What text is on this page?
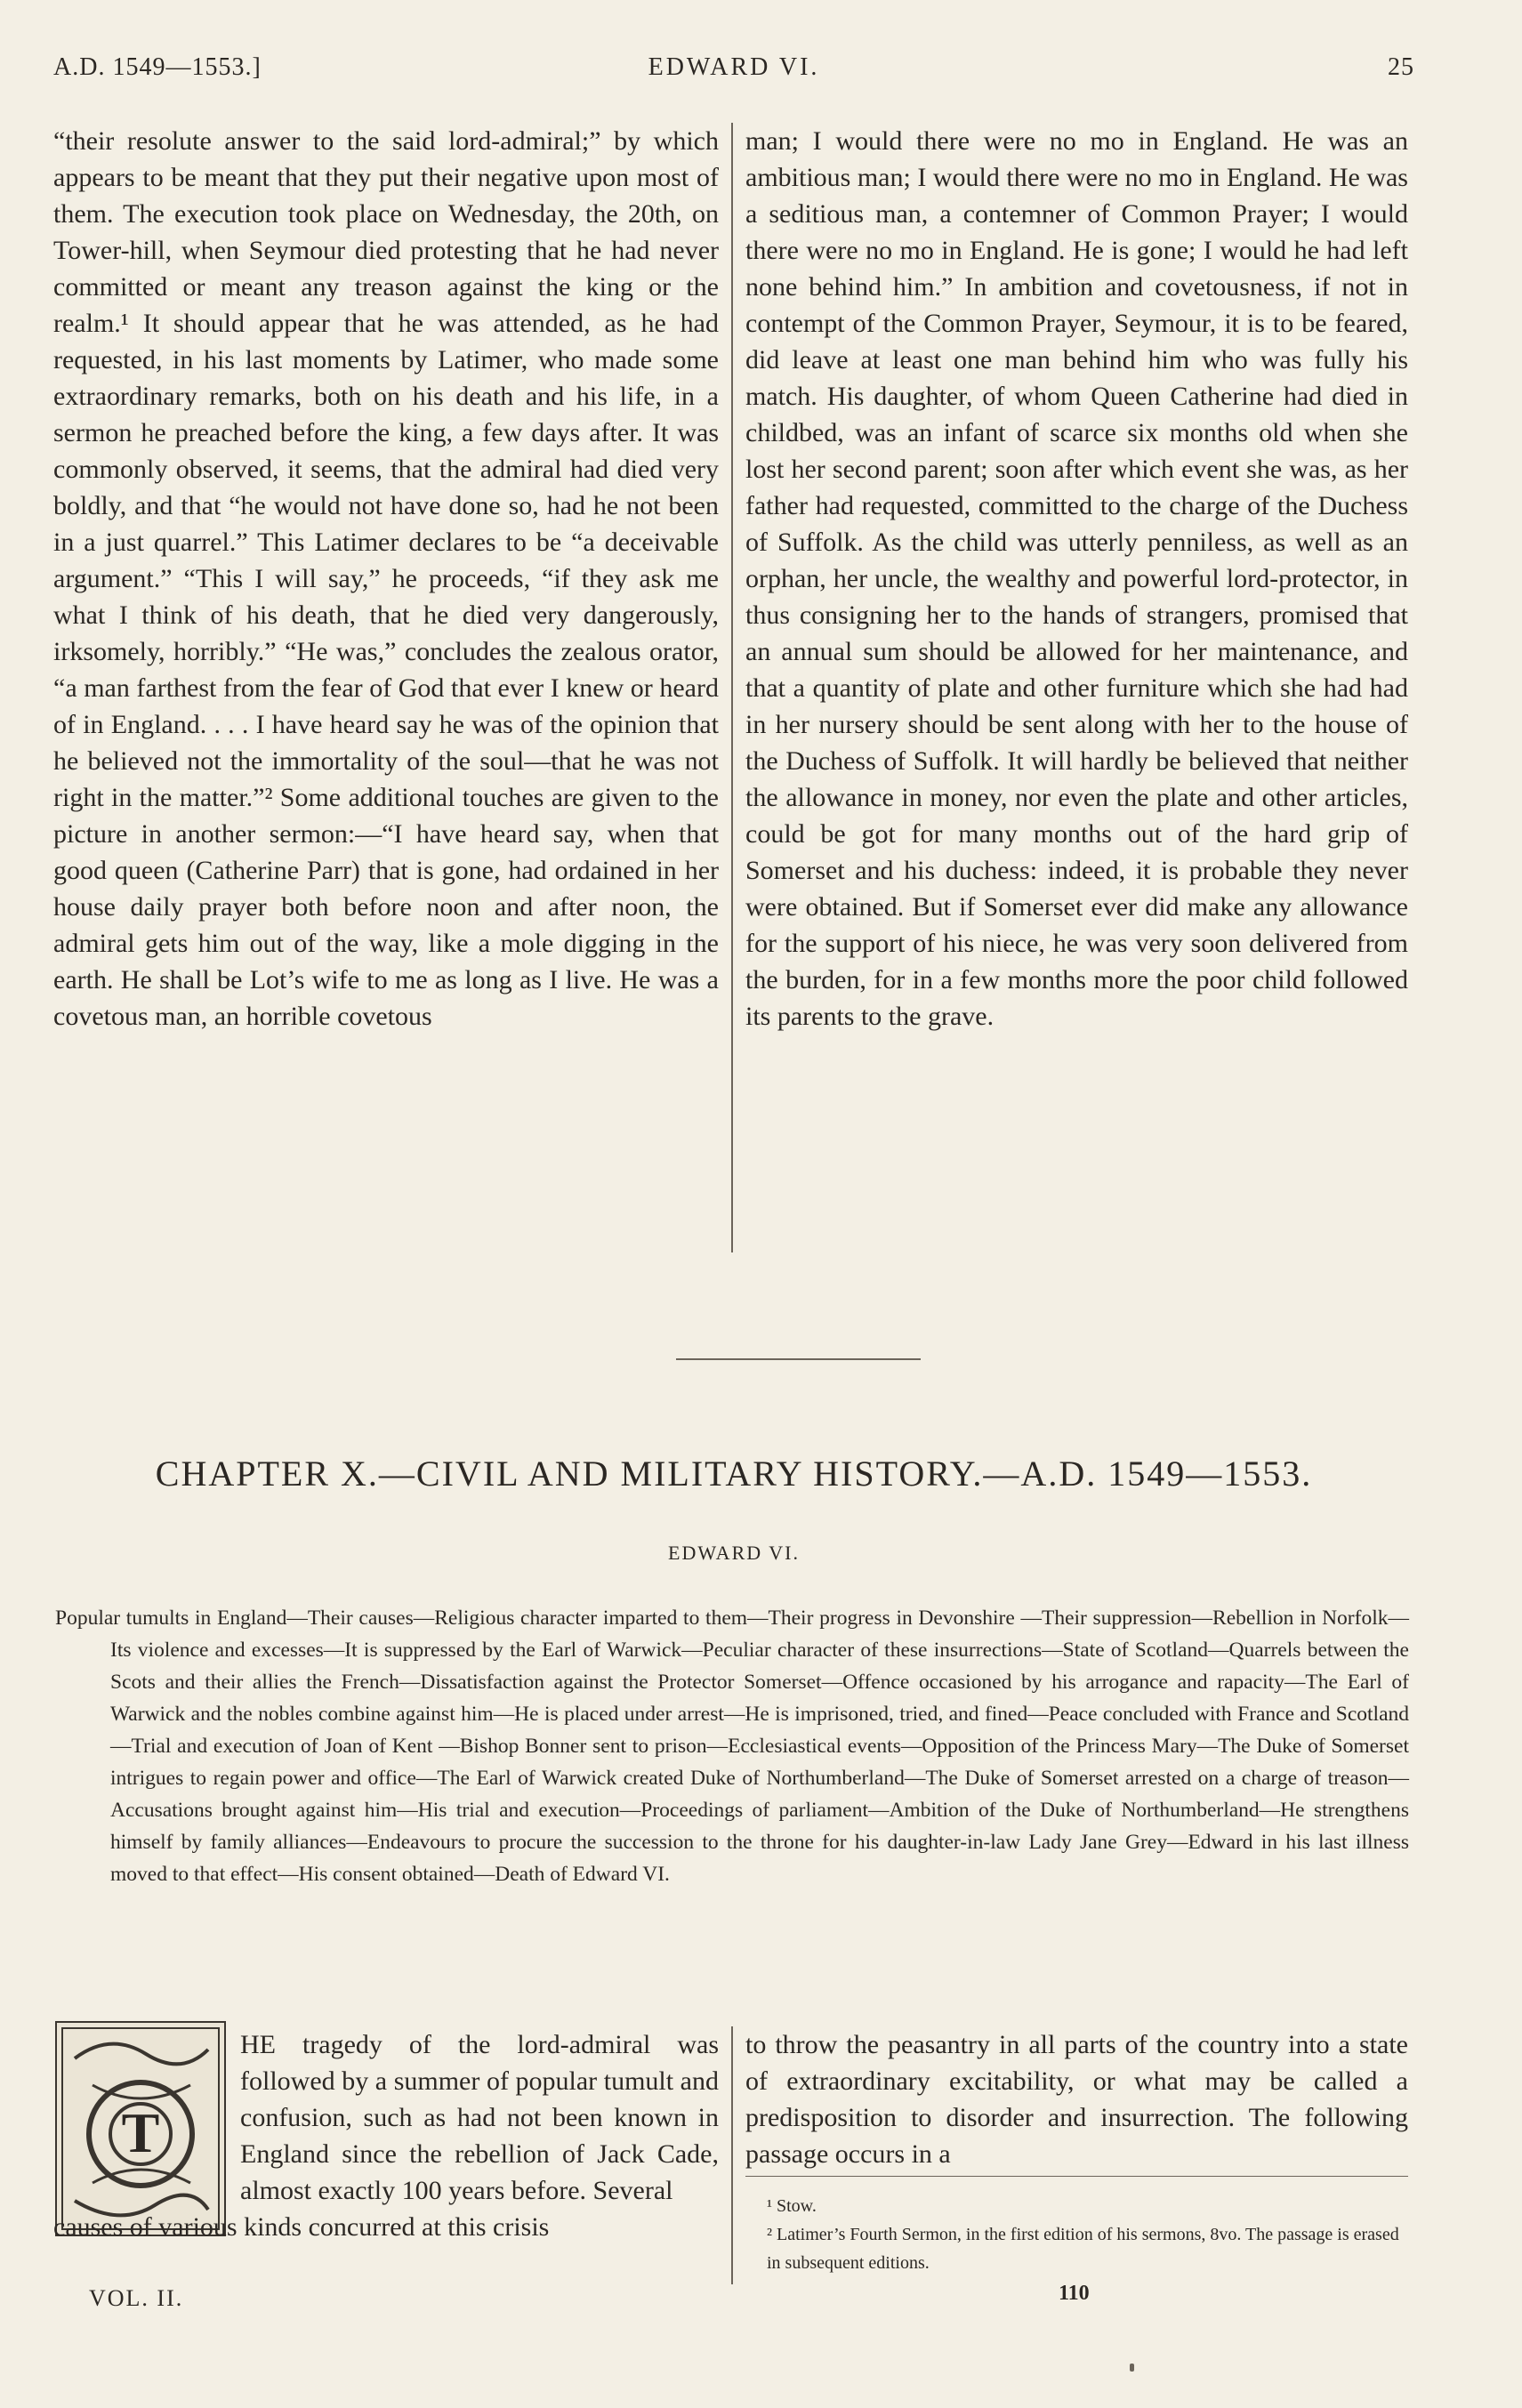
A.D. 1549—1553.]	EDWARD VI.	25

“their resolute answer to the said lord-admiral;” by which appears to be meant that they put their negative upon most of them. The execution took place on Wednesday, the 20th, on Tower-hill, when Seymour died protesting that he had never committed or meant any treason against the king or the realm.¹ It should appear that he was attended, as he had requested, in his last moments by Latimer, who made some extraordinary remarks, both on his death and his life, in a sermon he preached before the king, a few days after. It was commonly observed, it seems, that the admiral had died very boldly, and that “he would not have done so, had he not been in a just quarrel.” This Latimer declares to be “a deceivable argument.” “This I will say,” he proceeds, “if they ask me what I think of his death, that he died very dangerously, irksomely, horribly.” “He was,” concludes the zealous orator, “a man farthest from the fear of God that ever I knew or heard of in England. . . . I have heard say he was of the opinion that he believed not the immortality of the soul—that he was not right in the matter.”² Some additional touches are given to the picture in another sermon:—“I have heard say, when that good queen (Catherine Parr) that is gone, had ordained in her house daily prayer both before noon and after noon, the admiral gets him out of the way, like a mole digging in the earth. He shall be Lot’s wife to me as long as I live. He was a covetous man, an horrible covetous

man; I would there were no mo in England. He was an ambitious man; I would there were no mo in England. He was a seditious man, a contemner of Common Prayer; I would there were no mo in England. He is gone; I would he had left none behind him.” In ambition and covetousness, if not in contempt of the Common Prayer, Seymour, it is to be feared, did leave at least one man behind him who was fully his match. His daughter, of whom Queen Catherine had died in childbed, was an infant of scarce six months old when she lost her second parent; soon after which event she was, as her father had requested, committed to the charge of the Duchess of Suffolk. As the child was utterly penniless, as well as an orphan, her uncle, the wealthy and powerful lord-protector, in thus consigning her to the hands of strangers, promised that an annual sum should be allowed for her maintenance, and that a quantity of plate and other furniture which she had had in her nursery should be sent along with her to the house of the Duchess of Suffolk. It will hardly be believed that neither the allowance in money, nor even the plate and other articles, could be got for many months out of the hard grip of Somerset and his duchess: indeed, it is probable they never were obtained. But if Somerset ever did make any allowance for the support of his niece, he was very soon delivered from the burden, for in a few months more the poor child followed its parents to the grave.

CHAPTER X.—CIVIL AND MILITARY HISTORY.—A.D. 1549—1553.
EDWARD VI.
Popular tumults in England—Their causes—Religious character imparted to them—Their progress in Devonshire —Their suppression—Rebellion in Norfolk—Its violence and excesses—It is suppressed by the Earl of Warwick—Peculiar character of these insurrections—State of Scotland—Quarrels between the Scots and their allies the French—Dissatisfaction against the Protector Somerset—Offence occasioned by his arrogance and rapacity—The Earl of Warwick and the nobles combine against him—He is placed under arrest—He is imprisoned, tried, and fined—Peace concluded with France and Scotland—Trial and execution of Joan of Kent —Bishop Bonner sent to prison—Ecclesiastical events—Opposition of the Princess Mary—The Duke of Somerset intrigues to regain power and office—The Earl of Warwick created Duke of Northumberland—The Duke of Somerset arrested on a charge of treason—Accusations brought against him—His trial and execution—Proceedings of parliament—Ambition of the Duke of Northumberland—He strengthens himself by family alliances—Endeavours to procure the succession to the throne for his daughter-in-law Lady Jane Grey—Edward in his last illness moved to that effect—His consent obtained—Death of Edward VI.
T

HE tragedy of the lord-admiral was followed by a summer of popular tumult and confusion, such as had not been known in England since the rebellion of Jack Cade, almost exactly 100 years before. Several

causes of various kinds concurred at this crisis

to throw the peasantry in all parts of the country into a state of extraordinary excitability, or what may be called a predisposition to disorder and insurrection. The following passage occurs in a

¹ Stow.

² Latimer’s Fourth Sermon, in the first edition of his sermons, 8vo. The passage is erased in subsequent editions.

VOL. II.	110
